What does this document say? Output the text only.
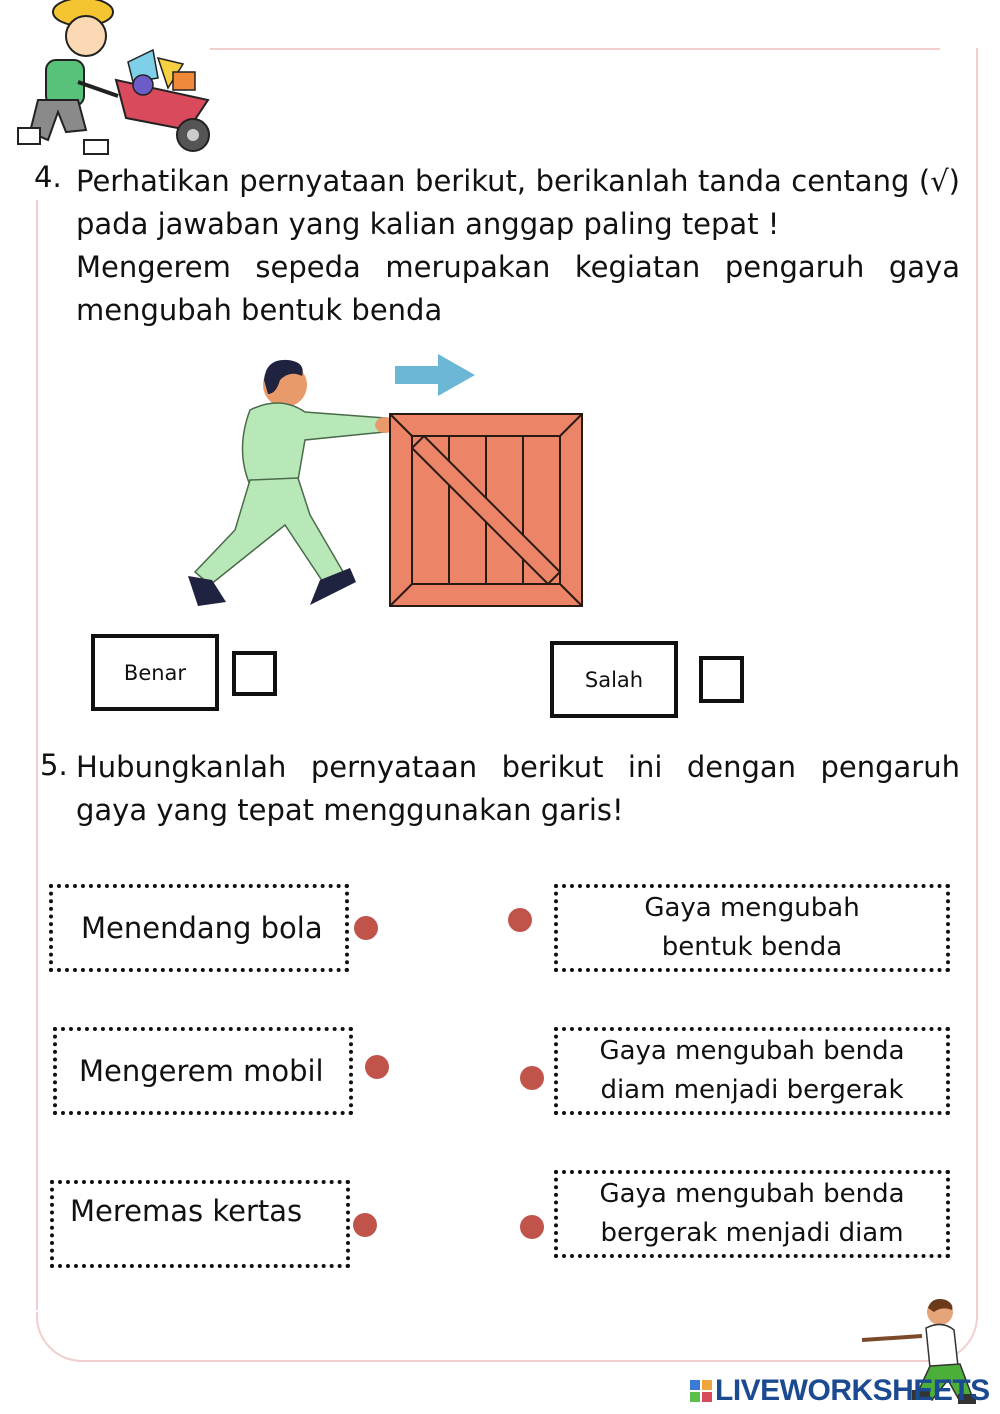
4. Perhatikan pernyataan berikut, berikanlah tanda centang (√) pada jawaban yang kalian anggap paling tepat !

Mengerem sepeda merupakan kegiatan pengaruh gaya mengubah bentuk benda

Benar	Salah
5. Hubungkanlah pernyataan berikut ini dengan pengaruh gaya yang tepat menggunakan garis!
Menendang bola
Mengerem mobil
Meremas kertas
Gaya mengubah bentuk benda
Gaya mengubah benda diam menjadi bergerak
Gaya mengubah benda bergerak menjadi diam
LIVEWORKSHEETS
